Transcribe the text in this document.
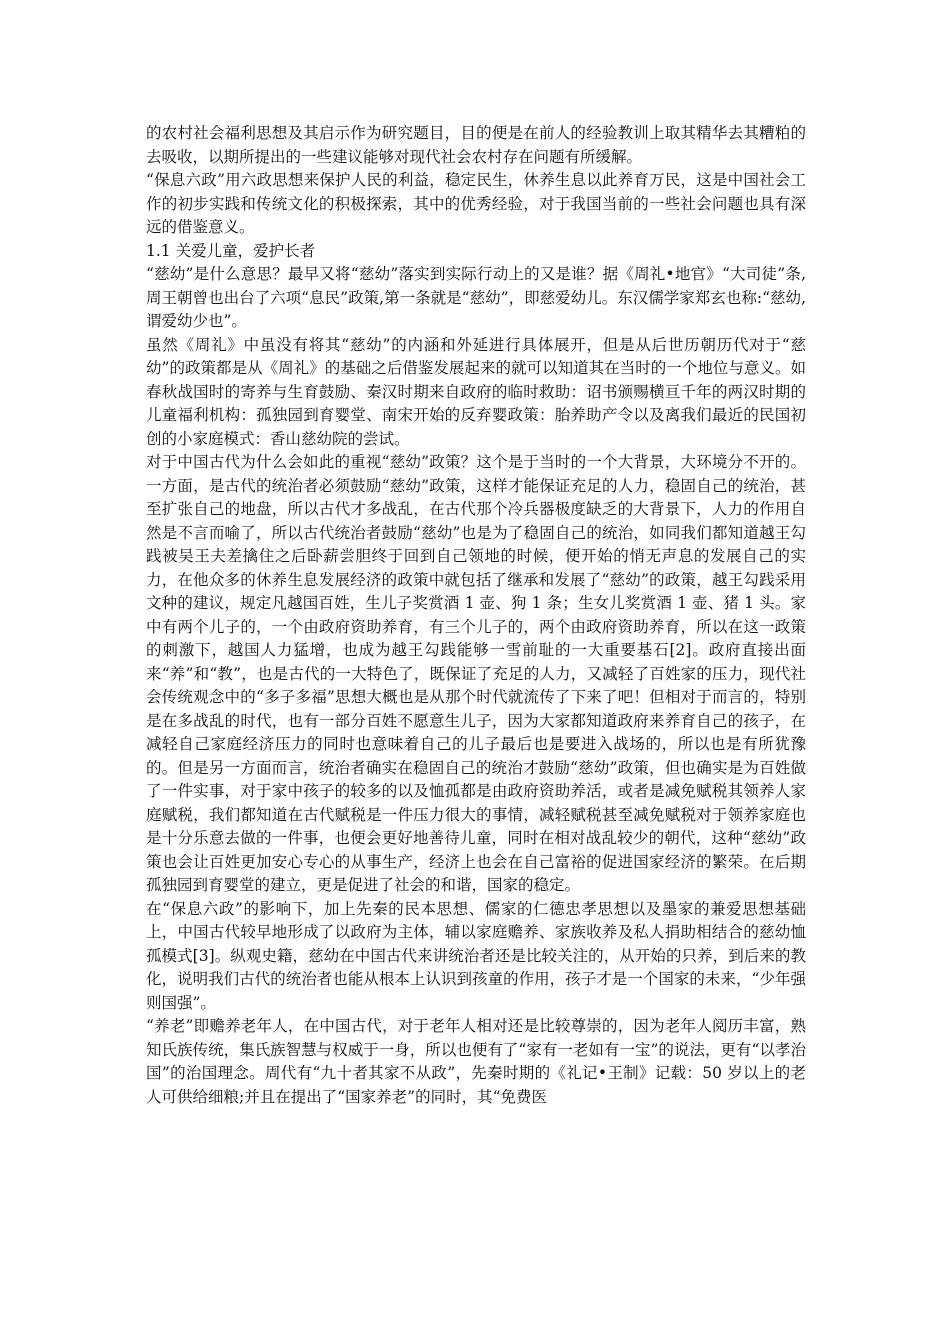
的农村社会福利思想及其启示作为研究题目，目的便是在前人的经验教训上取其精华去其糟粕的去吸收，以期所提出的一些建议能够对现代社会农村存在问题有所缓解。

“保息六政”用六政思想来保护人民的利益，稳定民生，休养生息以此养育万民，这是中国社会工作的初步实践和传统文化的积极探索，其中的优秀经验，对于我国当前的一些社会问题也具有深远的借鉴意义。

1.1 关爱儿童，爱护长者

“慈幼”是什么意思？最早又将“慈幼”落实到实际行动上的又是谁？据《周礼•地官》“大司徒”条,周王朝曾也出台了六项“息民”政策,第一条就是“慈幼”，即慈爱幼儿。东汉儒学家郑玄也称:“慈幼,谓爱幼少也”。

虽然《周礼》中虽没有将其“慈幼”的内涵和外延进行具体展开，但是从后世历朝历代对于“慈幼”的政策都是从《周礼》的基础之后借鉴发展起来的就可以知道其在当时的一个地位与意义。如春秋战国时的寄养与生育鼓励、秦汉时期来自政府的临时救助：诏书颁赐横亘千年的两汉时期的儿童福利机构：孤独园到育婴堂、南宋开始的反弃婴政策：胎养助产令以及离我们最近的民国初创的小家庭模式：香山慈幼院的尝试。

对于中国古代为什么会如此的重视“慈幼”政策？这个是于当时的一个大背景，大环境分不开的。一方面，是古代的统治者必须鼓励“慈幼”政策，这样才能保证充足的人力，稳固自己的统治，甚至扩张自己的地盘，所以古代才多战乱，在古代那个冷兵器极度缺乏的大背景下，人力的作用自然是不言而喻了，所以古代统治者鼓励“慈幼”也是为了稳固自己的统治，如同我们都知道越王勾践被吴王夫差擒住之后卧薪尝胆终于回到自己领地的时候，便开始的悄无声息的发展自己的实力，在他众多的休养生息发展经济的政策中就包括了继承和发展了“慈幼”的政策，越王勾践采用文种的建议，规定凡越国百姓，生儿子奖赏酒 1 壶、狗 1 条；生女儿奖赏酒 1 壶、猪 1 头。家中有两个儿子的，一个由政府资助养育，有三个儿子的，两个由政府资助养育，所以在这一政策的刺激下，越国人力猛增，也成为越王勾践能够一雪前耻的一大重要基石[2]。政府直接出面来“养”和“教”，也是古代的一大特色了，既保证了充足的人力，又减轻了百姓家的压力，现代社会传统观念中的“多子多福”思想大概也是从那个时代就流传了下来了吧！但相对于而言的，特别是在多战乱的时代，也有一部分百姓不愿意生儿子，因为大家都知道政府来养育自己的孩子，在减轻自己家庭经济压力的同时也意味着自己的儿子最后也是要进入战场的，所以也是有所犹豫的。但是另一方面而言，统治者确实在稳固自己的统治才鼓励“慈幼”政策，但也确实是为百姓做了一件实事，对于家中孩子的较多的以及恤孤都是由政府资助养活，或者是减免赋税其领养人家庭赋税，我们都知道在古代赋税是一件压力很大的事情，减轻赋税甚至减免赋税对于领养家庭也是十分乐意去做的一件事，也便会更好地善待儿童，同时在相对战乱较少的朝代，这种“慈幼”政策也会让百姓更加安心专心的从事生产，经济上也会在自己富裕的促进国家经济的繁荣。在后期孤独园到育婴堂的建立，更是促进了社会的和谐，国家的稳定。

在“保息六政”的影响下，加上先秦的民本思想、儒家的仁德忠孝思想以及墨家的兼爱思想基础上，中国古代较早地形成了以政府为主体，辅以家庭赡养、家族收养及私人捐助相结合的慈幼恤孤模式[3]。纵观史籍，慈幼在中国古代来讲统治者还是比较关注的，从开始的只养，到后来的教化，说明我们古代的统治者也能从根本上认识到孩童的作用，孩子才是一个国家的未来，“少年强则国强”。

“养老”即赡养老年人，在中国古代，对于老年人相对还是比较尊崇的，因为老年人阅历丰富，熟知氏族传统，集氏族智慧与权威于一身，所以也便有了“家有一老如有一宝”的说法，更有“以孝治国”的治国理念。周代有“九十者其家不从政”，先秦时期的《礼记•王制》记载：50 岁以上的老人可供给细粮;并且在提出了“国家养老”的同时，其“免费医
